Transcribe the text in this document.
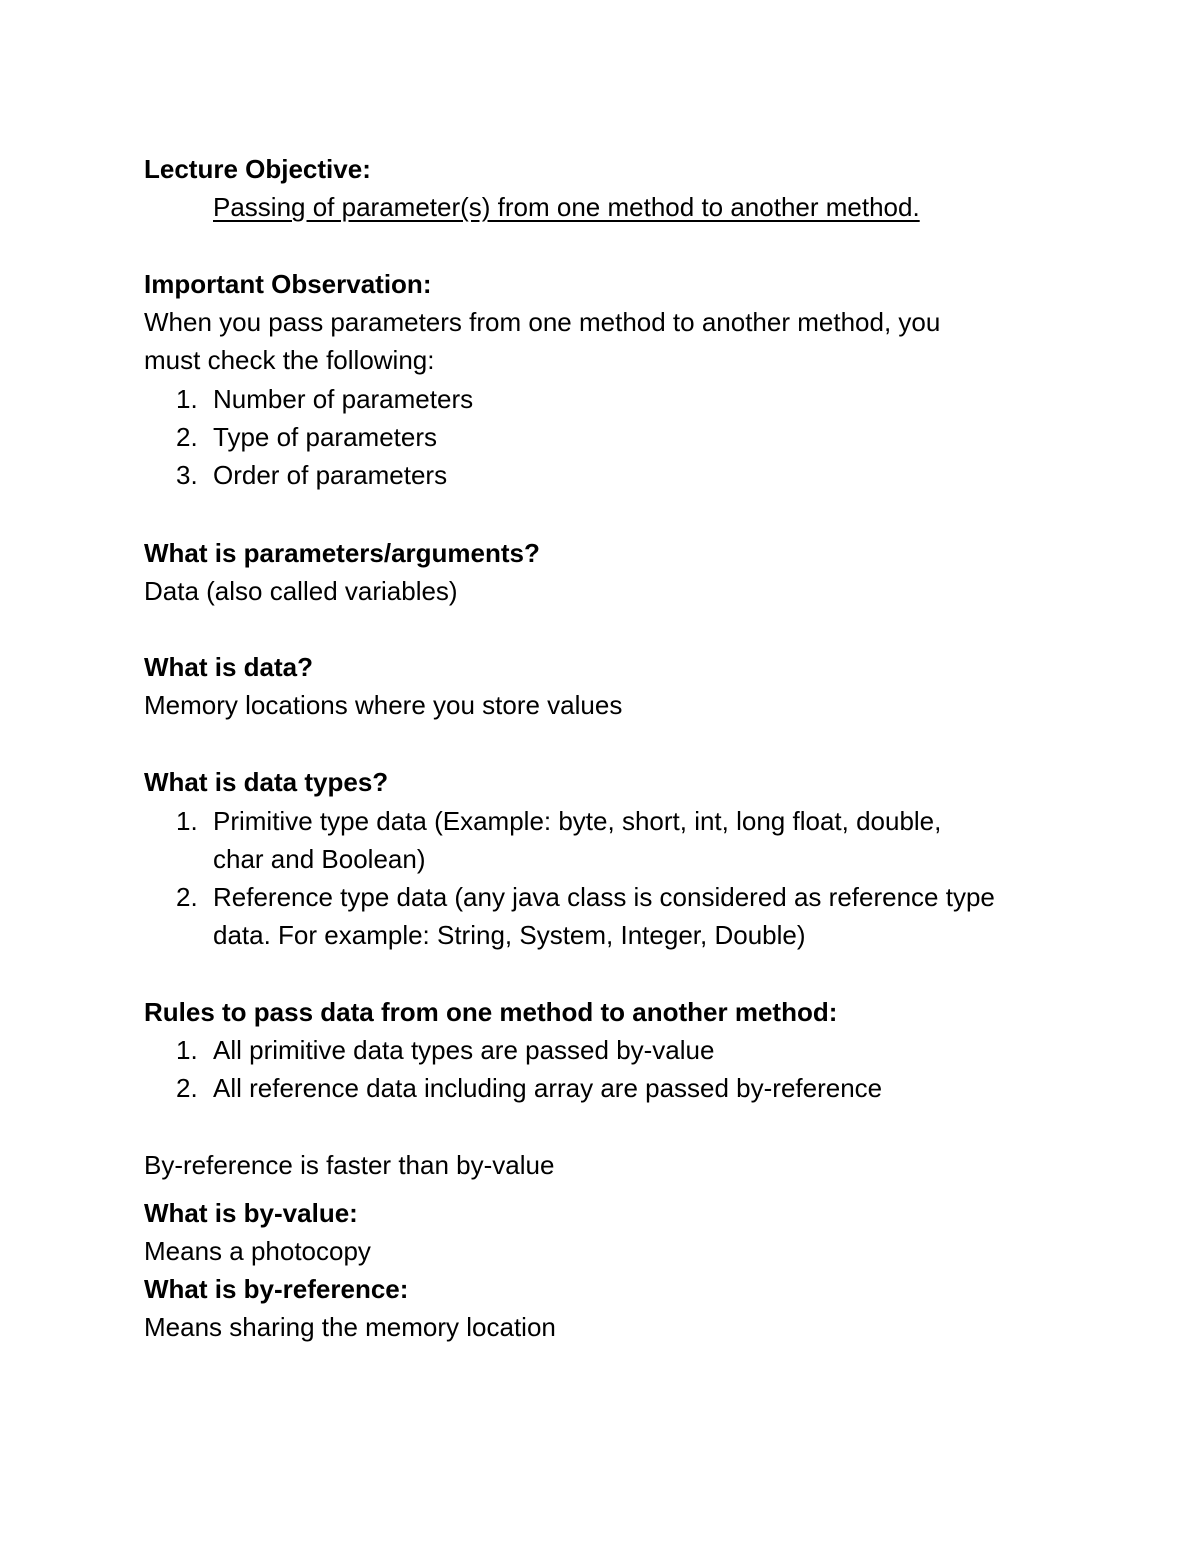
Lecture Objective:
Passing of parameter(s) from one method to another method.
Important Observation:
When you pass parameters from one method to another method, you
must check the following:
1. Number of parameters
2. Type of parameters
3. Order of parameters
What is parameters/arguments?
Data (also called variables)
What is data?
Memory locations where you store values
What is data types?
1. Primitive type data (Example: byte, short, int, long float, double,
char and Boolean)
2. Reference type data (any java class is considered as reference type
data. For example: String, System, Integer, Double)
Rules to pass data from one method to another method:
1. All primitive data types are passed by-value
2. All reference data including array are passed by-reference
By-reference is faster than by-value
What is by-value:
Means a photocopy
What is by-reference:
Means sharing the memory location
